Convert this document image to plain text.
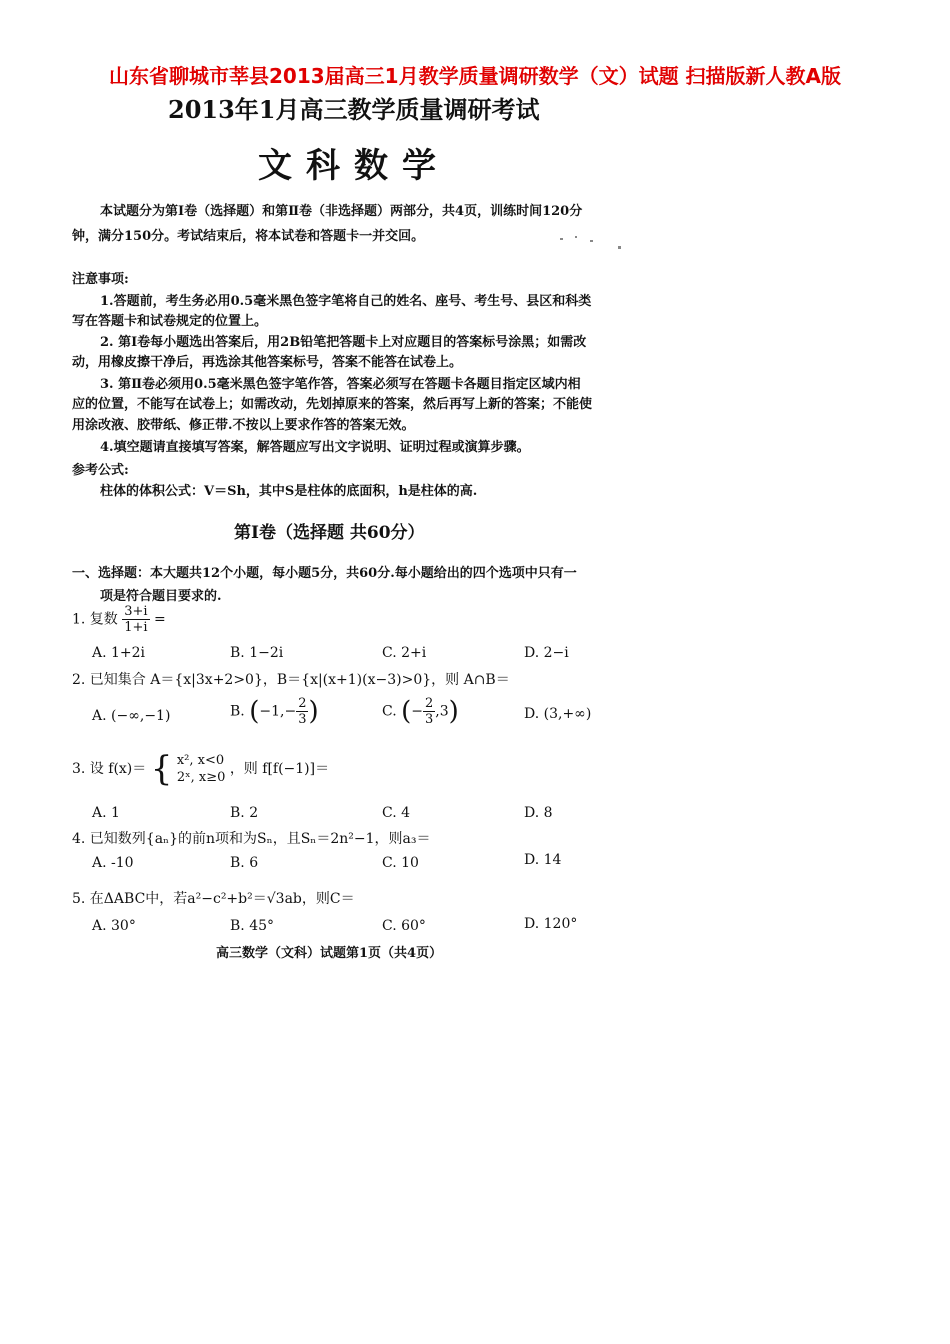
山东省聊城市莘县2013届高三1月教学质量调研数学（文）试题 扫描版新人教A版
2013年1月高三教学质量调研考试
文科数学
本试题分为第Ⅰ卷（选择题）和第Ⅱ卷（非选择题）两部分，共4页，训练时间120分
钟，满分150分。考试结束后，将本试卷和答题卡一并交回。
注意事项:
1.答题前，考生务必用0.5毫米黑色签字笔将自己的姓名、座号、考生号、县区和科类
写在答题卡和试卷规定的位置上。
2. 第Ⅰ卷每小题选出答案后，用2B铅笔把答题卡上对应题目的答案标号涂黑；如需改
动，用橡皮擦干净后，再选涂其他答案标号，答案不能答在试卷上。
3. 第Ⅱ卷必须用0.5毫米黑色签字笔作答，答案必须写在答题卡各题目指定区域内相
应的位置，不能写在试卷上；如需改动，先划掉原来的答案，然后再写上新的答案；不能使
用涂改液、胶带纸、修正带.不按以上要求作答的答案无效。
4.填空题请直接填写答案，解答题应写出文字说明、证明过程或演算步骤。
参考公式:
柱体的体积公式：V＝Sh，其中S是柱体的底面积，h是柱体的高.
第Ⅰ卷（选择题 共60分）
一、选择题：本大题共12个小题，每小题5分，共60分.每小题给出的四个选项中只有一
项是符合题目要求的.
1. 复数 $\frac{3+i}{1+i}$ =
A. 1+2i	B. 1−2i	C. 2+i	D. 2−i
2. 已知集合 A＝{x|3x+2>0}，B＝{x|(x+1)(x−3)>0}，则 A∩B＝
A. (−∞,−1)	B. ($-1,- \frac{2}{3}$ )	C. (− $\frac{2}{3} ,3$)	D. (3,+∞)
3. 设 f(x)＝ { x², x<0
2ˣ, x≥0
，则 f[f(−1)]＝
A. 1	B. 2	C. 4	D. 8
4. 已知数列{aₙ}的前n项和为Sₙ，且Sₙ＝2n²−1，则a₃＝
A. -10	B. 6	C. 10	D. 14
5. 在ΔABC中，若a²−c²+b²＝√3ab，则C＝
A. 30°	B. 45°	C. 60°	D. 120°
高三数学（文科）试题第1页（共4页）
